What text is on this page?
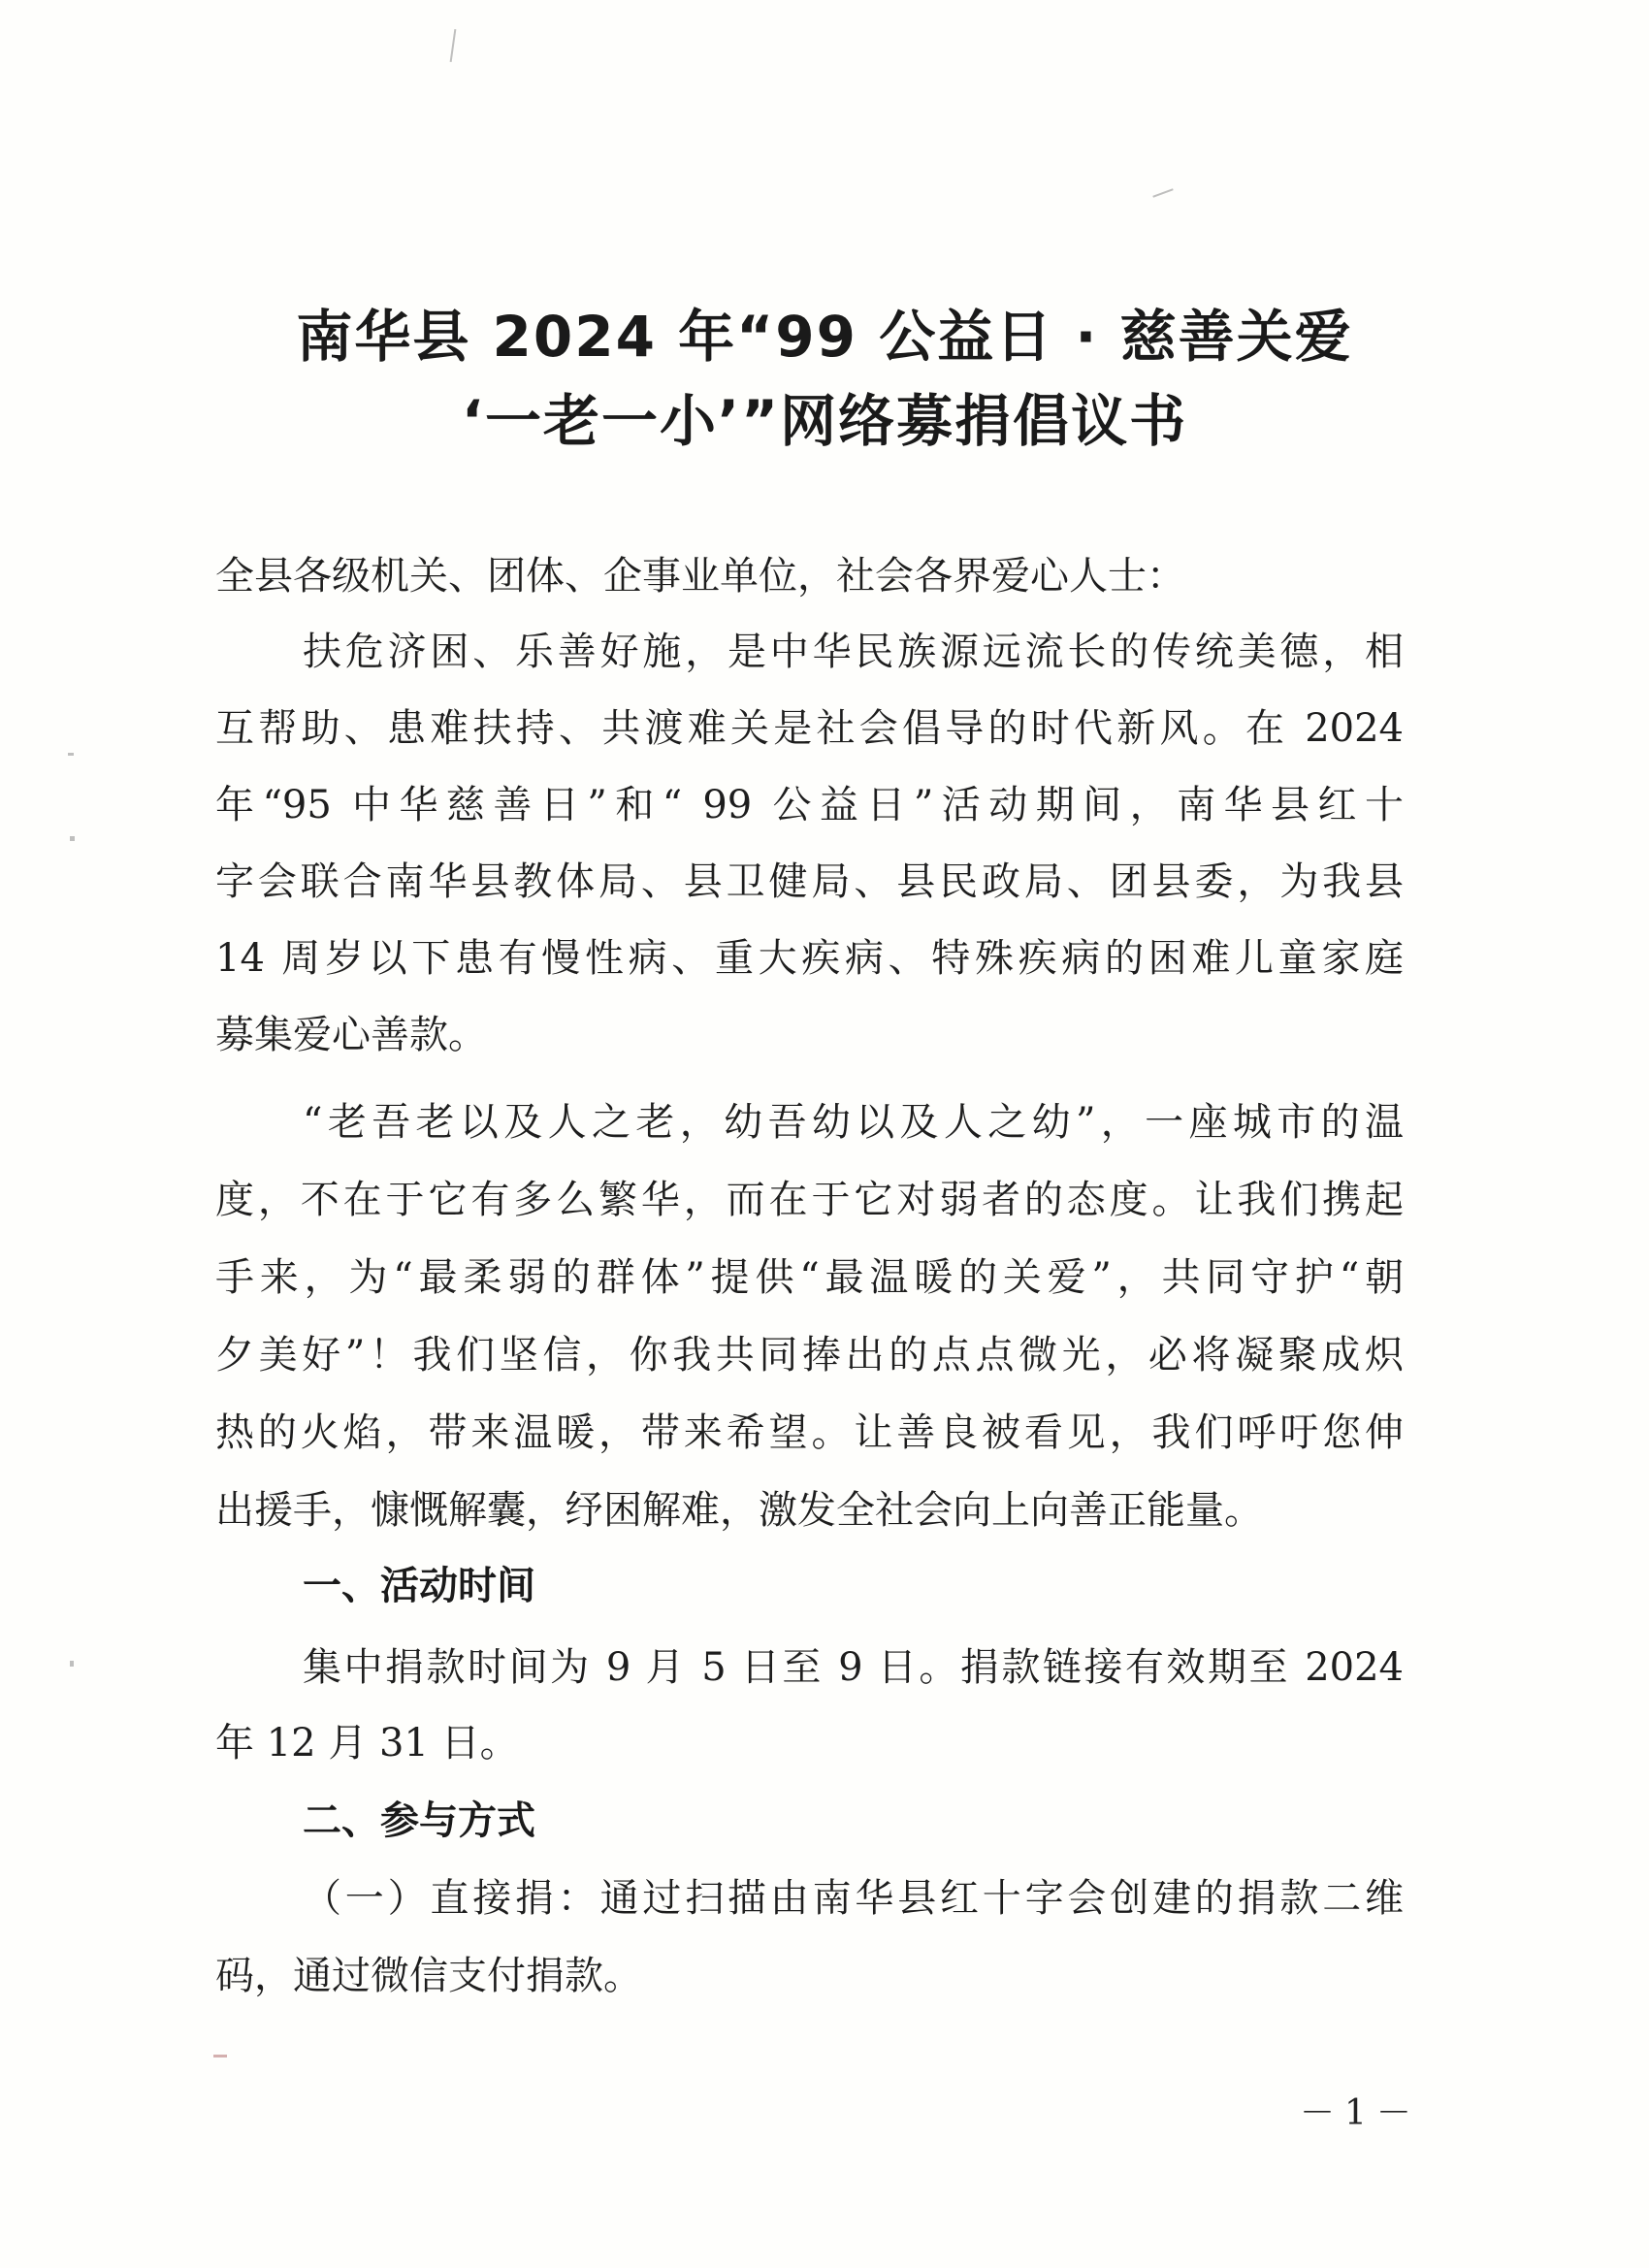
南华县 2024 年“99 公益日 · 慈善关爱
‘一老一小’”网络募捐倡议书
全县各级机关、团体、企事业单位，社会各界爱心人士：
扶危济困、乐善好施，是中华民族源远流长的传统美德，相
互帮助、患难扶持、共渡难关是社会倡导的时代新风。在 2024
年“95 中华慈善日”和“ 99 公益日”活动期间，南华县红十
字会联合南华县教体局、县卫健局、县民政局、团县委，为我县
14 周岁以下患有慢性病、重大疾病、特殊疾病的困难儿童家庭
募集爱心善款。
“老吾老以及人之老，幼吾幼以及人之幼”，一座城市的温
度，不在于它有多么繁华，而在于它对弱者的态度。让我们携起
手来，为“最柔弱的群体”提供“最温暖的关爱”，共同守护“朝
夕美好”！我们坚信，你我共同捧出的点点微光，必将凝聚成炽
热的火焰，带来温暖，带来希望。让善良被看见，我们呼吁您伸
出援手，慷慨解囊，纾困解难，激发全社会向上向善正能量。
一、活动时间
集中捐款时间为 9 月 5 日至 9 日。捐款链接有效期至 2024
年 12 月 31 日。
二、参与方式
（一）直接捐：通过扫描由南华县红十字会创建的捐款二维
码，通过微信支付捐款。
－1－
